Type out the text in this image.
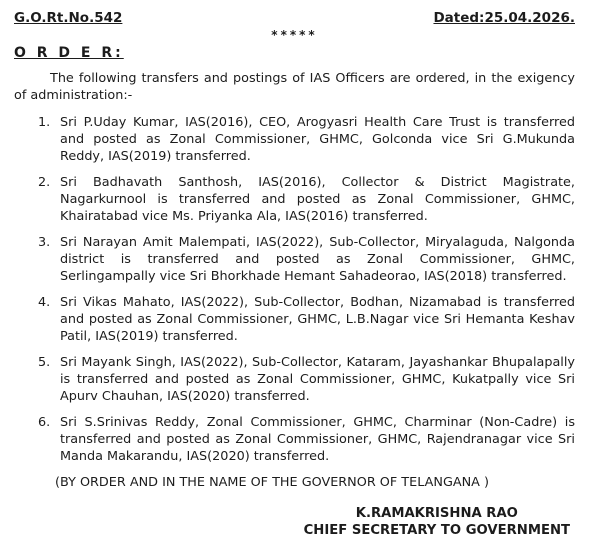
G.O.Rt.No.542	Dated:25.04.2026.
*****
O R D E R:

The following transfers and postings of IAS Officers are ordered, in the exigency of administration:-

1. Sri P.Uday Kumar, IAS(2016), CEO, Arogyasri Health Care Trust is transferred and posted as Zonal Commissioner, GHMC, Golconda vice Sri G.Mukunda Reddy, IAS(2019) transferred.
2. Sri Badhavath Santhosh, IAS(2016), Collector & District Magistrate, Nagarkurnool is transferred and posted as Zonal Commissioner, GHMC, Khairatabad vice Ms. Priyanka Ala, IAS(2016) transferred.
3. Sri Narayan Amit Malempati, IAS(2022), Sub-Collector, Miryalaguda, Nalgonda district is transferred and posted as Zonal Commissioner, GHMC, Serlingampally vice Sri Bhorkhade Hemant Sahadeorao, IAS(2018) transferred.
4. Sri Vikas Mahato, IAS(2022), Sub-Collector, Bodhan, Nizamabad is transferred and posted as Zonal Commissioner, GHMC, L.B.Nagar vice Sri Hemanta Keshav Patil, IAS(2019) transferred.
5. Sri Mayank Singh, IAS(2022), Sub-Collector, Kataram, Jayashankar Bhupalapally is transferred and posted as Zonal Commissioner, GHMC, Kukatpally vice Sri Apurv Chauhan, IAS(2020) transferred.
6. Sri S.Srinivas Reddy, Zonal Commissioner, GHMC, Charminar (Non-Cadre) is transferred and posted as Zonal Commissioner, GHMC, Rajendranagar vice Sri Manda Makarandu, IAS(2020) transferred.

(BY ORDER AND IN THE NAME OF THE GOVERNOR OF TELANGANA )

K.RAMAKRISHNA RAO
CHIEF SECRETARY TO GOVERNMENT
